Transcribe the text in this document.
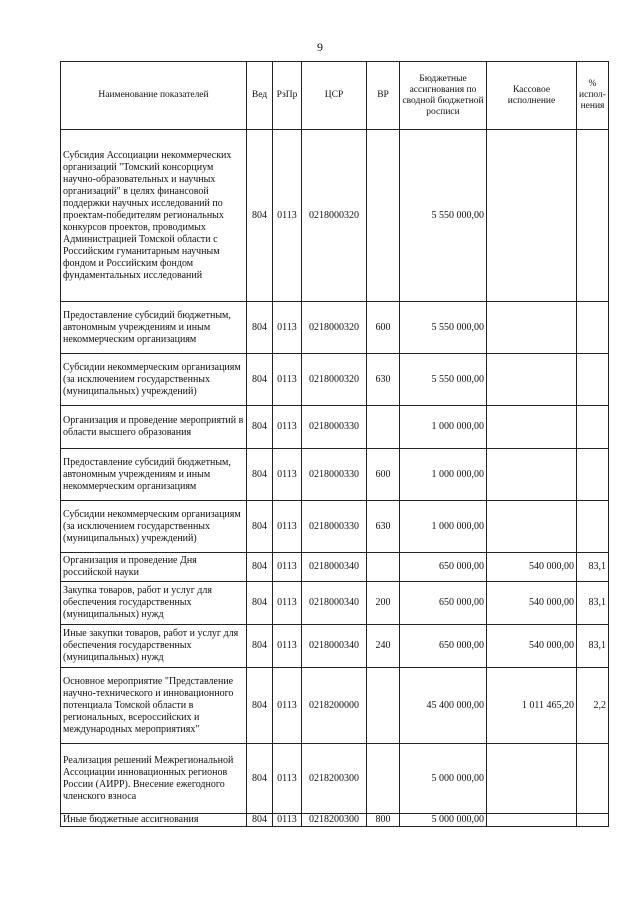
9
Наименование показателей	Вед	РзПр	ЦСР	ВР	Бюджетные ассигнования по сводной бюджетной росписи	Кассовое исполнение	% испол-нения
Субсидия Ассоциации некоммерческих организаций "Томский консорциум научно-образовательных и научных организаций" в целях финансовой поддержки научных исследований по проектам-победителям региональных конкурсов проектов, проводимых Администрацией Томской области с Российским гуманитарным научным фондом и Российским фондом фундаментальных исследований	804	0113	0218000320		5 550 000,00		
Предоставление субсидий бюджетным, автономным учреждениям и иным некоммерческим организациям	804	0113	0218000320	600	5 550 000,00		
Субсидии некоммерческим организациям (за исключением государственных (муниципальных) учреждений)	804	0113	0218000320	630	5 550 000,00		
Организация и проведение мероприятий в области высшего образования	804	0113	0218000330		1 000 000,00		
Предоставление субсидий бюджетным, автономным учреждениям и иным некоммерческим организациям	804	0113	0218000330	600	1 000 000,00		
Субсидии некоммерческим организациям (за исключением государственных (муниципальных) учреждений)	804	0113	0218000330	630	1 000 000,00		
Организация и проведение Дня российской науки	804	0113	0218000340		650 000,00	540 000,00	83,1
Закупка товаров, работ и услуг для обеспечения государственных (муниципальных) нужд	804	0113	0218000340	200	650 000,00	540 000,00	83,1
Иные закупки товаров, работ и услуг для обеспечения государственных (муниципальных) нужд	804	0113	0218000340	240	650 000,00	540 000,00	83,1
Основное мероприятие "Представление научно-технического и инновационного потенциала Томской области в региональных, всероссийских и международных мероприятиях"	804	0113	0218200000		45 400 000,00	1 011 465,20	2,2
Реализация решений Межрегиональной Ассоциации инновационных регионов России (АИРР). Внесение ежегодного членского взноса	804	0113	0218200300		5 000 000,00		
Иные бюджетные ассигнования	804	0113	0218200300	800	5 000 000,00		
